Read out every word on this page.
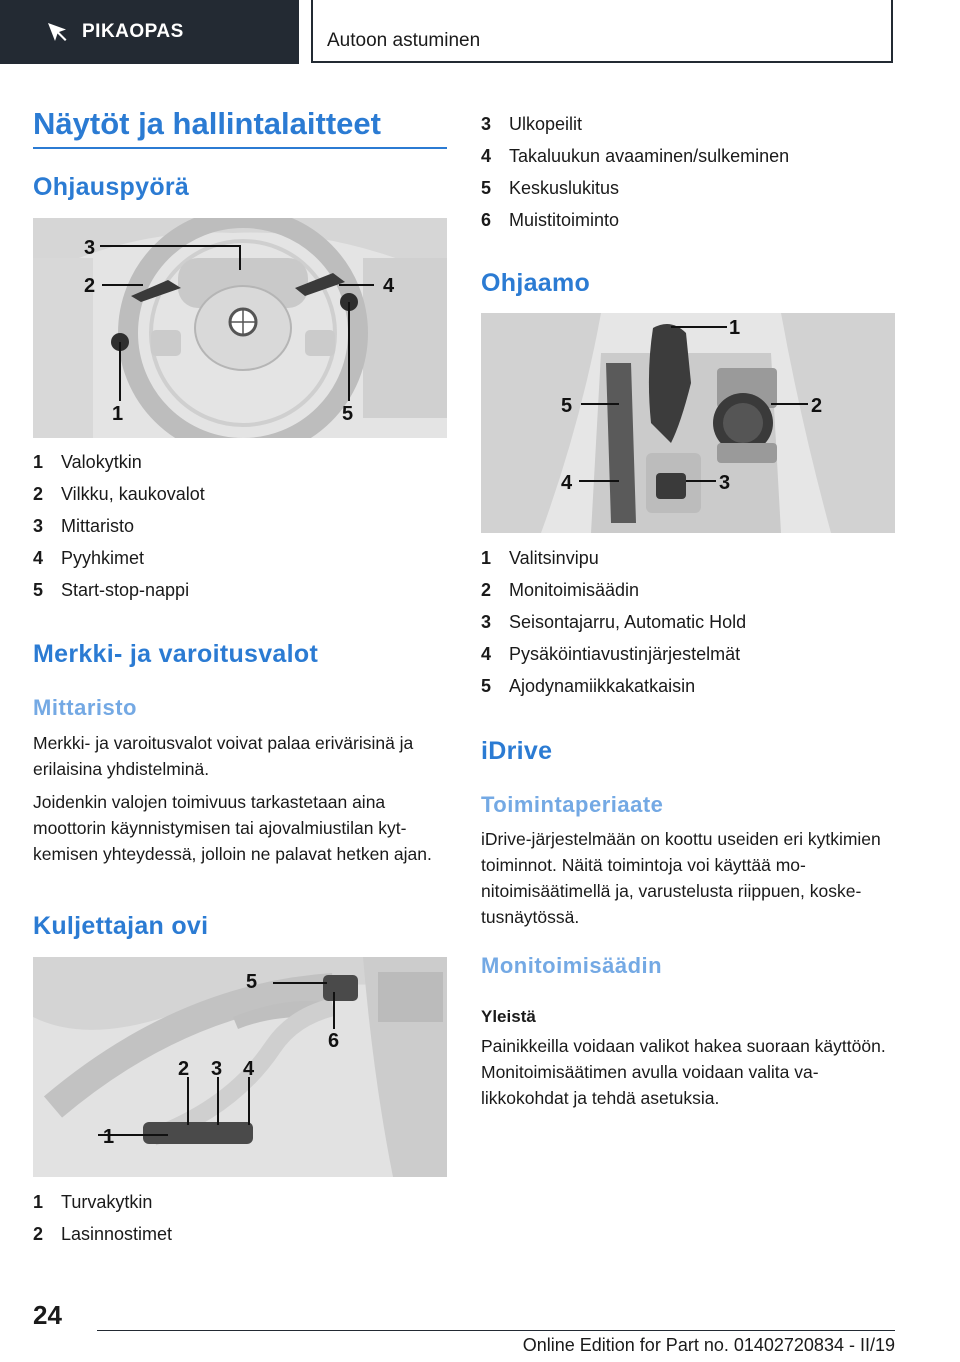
PIKAOPAS	Autoon astuminen
Näytöt ja hallintalaitteet
Ohjauspyörä
3
2	4
1	5
1 Valokytkin
2 Vilkku, kaukovalot
3 Mittaristo
4 Pyyhkimet
5 Start-stop-nappi
Merkki- ja varoitusvalot
Mittaristo

Merkki- ja varoitusvalot voivat palaa erivärisinä ja erilaisina yhdistelminä.

Joidenkin valojen toimivuus tarkastetaan aina moottorin käynnistymisen tai ajovalmiustilan kytkemisen yhteydessä, jolloin ne palavat hetken ajan.

Kuljettajan ovi
1
2 3 4
5
6
1 Turvakytkin
2 Lasinnostimet
3 Ulkopeilit
4 Takaluukun avaaminen/sulkeminen
5 Keskuslukitus
6 Muistitoiminto
Ohjaamo
1
2
3
4
5
1 Valitsinvipu
2 Monitoimisäädin
3 Seisontajarru, Automatic Hold
4 Pysäköintiavustinjärjestelmät
5 Ajodynamiikkakatkaisin
iDrive
Toimintaperiaate
iDrive-järjestelmään on koottu useiden eri kytkimien toiminnot. Näitä toimintoja voi käyttää monitoimisäätimellä ja, varustelusta riippuen, kosketusnäytössä.
Monitoimisäädin
Yleistä
Painikkeilla voidaan valikot hakea suoraan käyttöön. Monitoimisäätimen avulla voidaan valita valikkokohdat ja tehdä asetuksia.
24
Online Edition for Part no. 01402720834 - II/19
